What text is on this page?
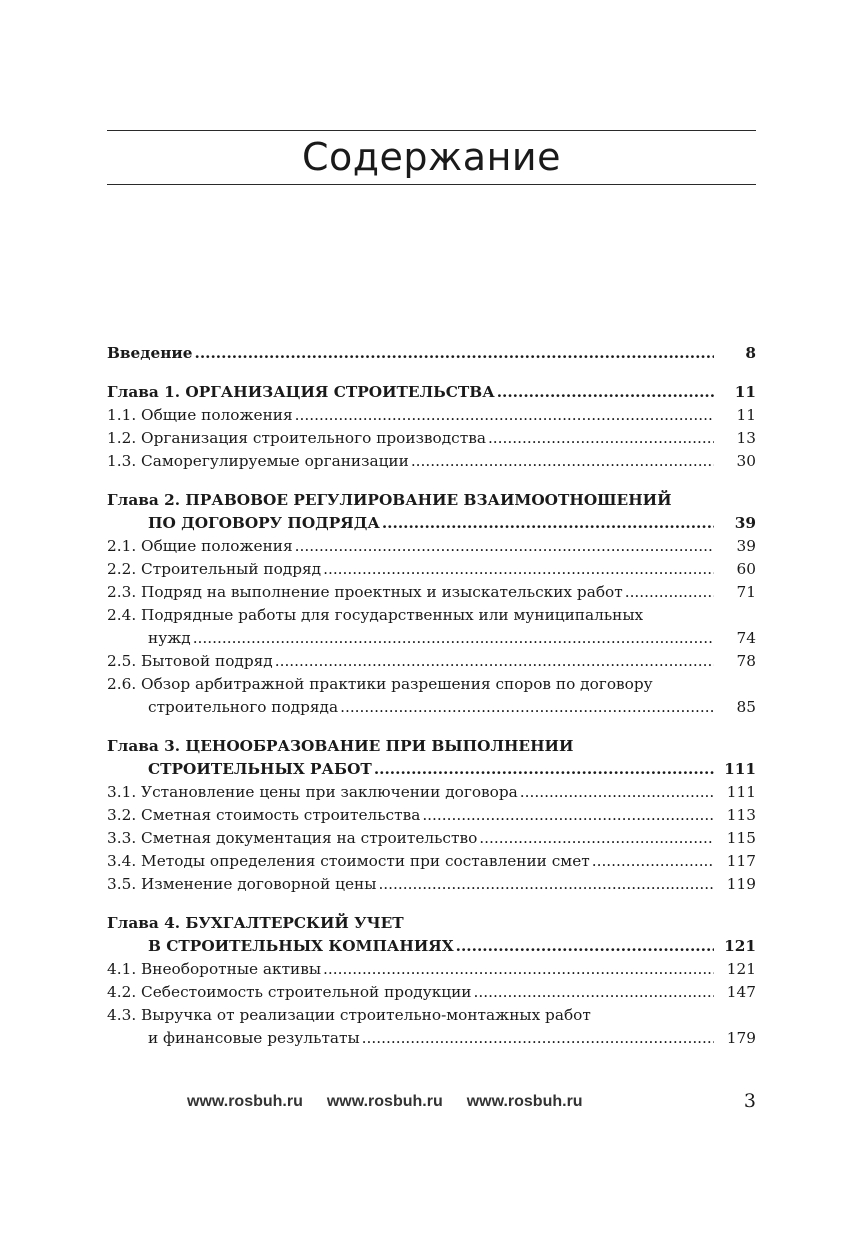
Содержание
Введение .....	8
Глава 1. ОРГАНИЗАЦИЯ СТРОИТЕЛЬСТВА .....	11
1.1. Общие положения .....	11
1.2. Организация строительного производства .....	13
1.3. Саморегулируемые организации .....	30
Глава 2. ПРАВОВОЕ РЕГУЛИРОВАНИЕ ВЗАИМООТНОШЕНИЙ
ПО ДОГОВОРУ ПОДРЯДА .....	39
2.1. Общие положения .....	39
2.2. Строительный подряд .....	60
2.3. Подряд на выполнение проектных и изыскательских работ .....	71
2.4. Подрядные работы для государственных или муниципальных
нужд .....	74
2.5. Бытовой подряд .....	78
2.6. Обзор арбитражной практики разрешения споров по договору
строительного подряда .....	85
Глава 3. ЦЕНООБРАЗОВАНИЕ ПРИ ВЫПОЛНЕНИИ
СТРОИТЕЛЬНЫХ РАБОТ .....	111
3.1. Установление цены при заключении договора .....	111
3.2. Сметная стоимость строительства .....	113
3.3. Сметная документация на строительство .....	115
3.4. Методы определения стоимости при составлении смет .....	117
3.5. Изменение договорной цены .....	119
Глава 4. БУХГАЛТЕРСКИЙ УЧЕТ
В СТРОИТЕЛЬНЫХ КОМПАНИЯХ .....	121
4.1. Внеоборотные активы .....	121
4.2. Себестоимость строительной продукции .....	147
4.3. Выручка от реализации строительно-монтажных работ
и финансовые результаты .....	179
www.rosbuh.ru www.rosbuh.ru www.rosbuh.ru	3
